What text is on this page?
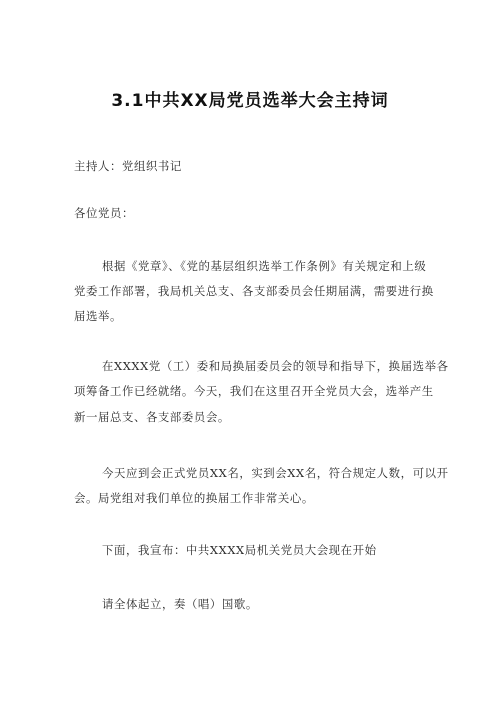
3.1中共XX局党员选举大会主持词
主持人：党组织书记
各位党员：
根据《党章》、《党的基层组织选举工作条例》有关规定和上级
党委工作部署，我局机关总支、各支部委员会任期届满，需要进行换
届选举。
在XXXX党（工）委和局换届委员会的领导和指导下，换届选举各
项筹备工作已经就绪。今天，我们在这里召开全党员大会，选举产生
新一届总支、各支部委员会。
今天应到会正式党员XX名，实到会XX名，符合规定人数，可以开
会。局党组对我们单位的换届工作非常关心。
下面，我宣布：中共XXXX局机关党员大会现在开始
请全体起立，奏（唱）国歌。
